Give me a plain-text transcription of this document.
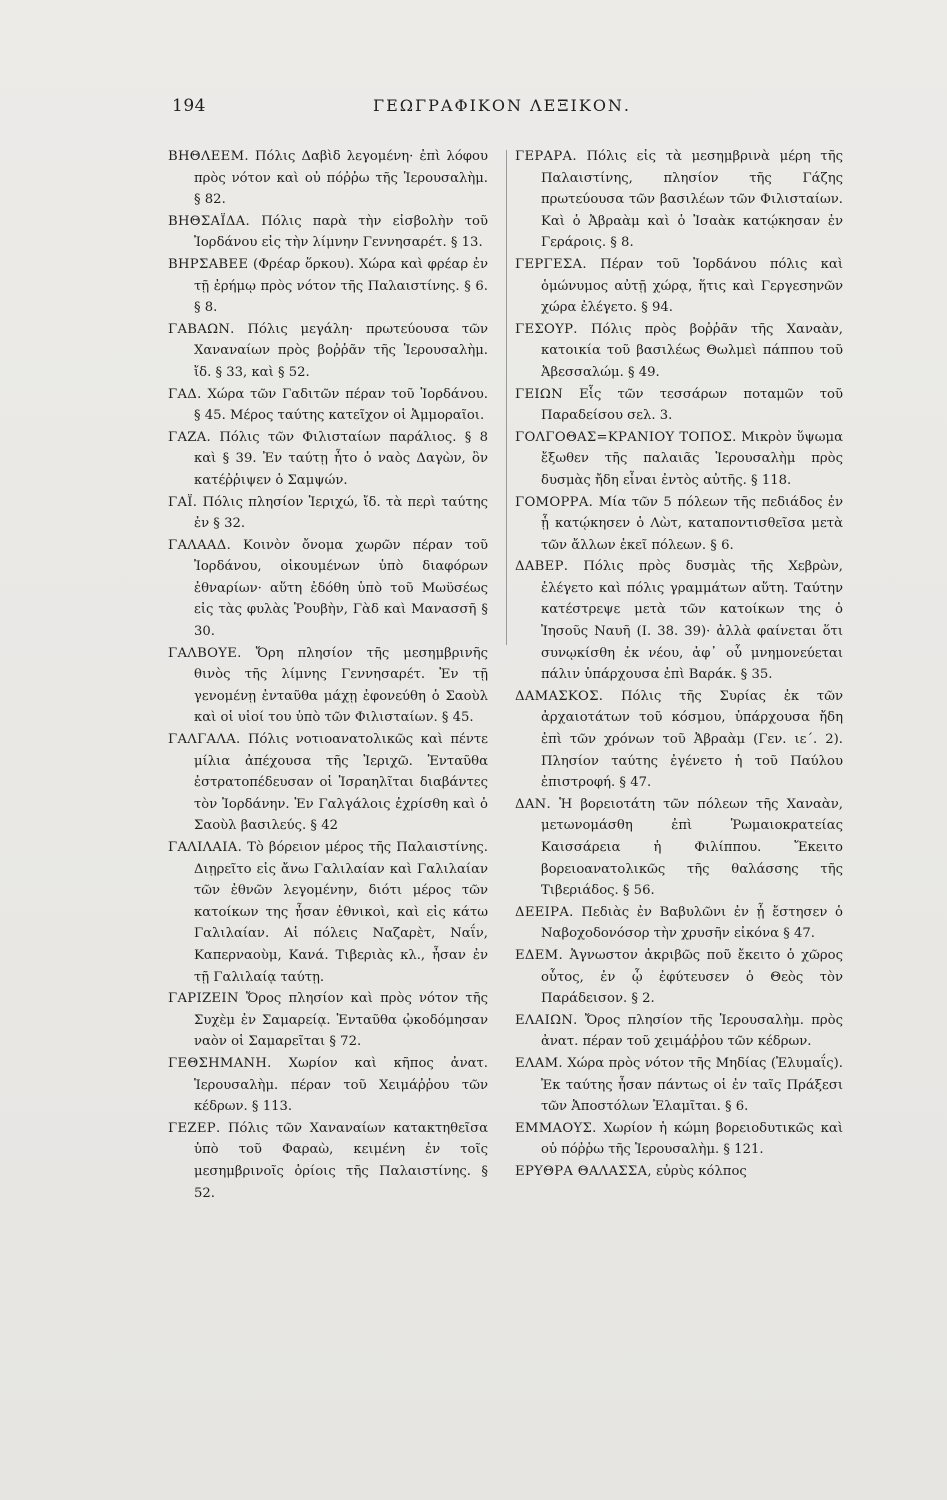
194	ΓΕΩΓΡΑΦΙΚΟΝ ΛΕΞΙΚΟΝ.

ΒΗΘΛΕΕΜ. Πόλις Δαβὶδ λεγομένη· ἐπὶ λόφου πρὸς νότον καὶ οὐ πόῤῥω τῆς Ἱερουσαλὴμ. § 82.

ΒΗΘΣΑΪΔΑ. Πόλις παρὰ τὴν εἰσβολὴν τοῦ Ἰορδάνου εἰς τὴν λίμνην Γεννησαρέτ. § 13.

ΒΗΡΣΑΒΕΕ (Φρέαρ ὅρκου). Χώρα καὶ φρέαρ ἐν τῇ ἐρήμῳ πρὸς νότον τῆς Παλαιστίνης. § 6. § 8.

ΓΑΒΑΩΝ. Πόλις μεγάλη· πρωτεύουσα τῶν Χαναναίων πρὸς βοῤῥᾶν τῆς Ἱερουσαλὴμ. ἴδ. § 33, καὶ § 52.

ΓΑΔ. Χώρα τῶν Γαδιτῶν πέραν τοῦ Ἰορδάνου. § 45. Μέρος ταύτης κατεῖχον οἱ Ἀμμοραῖοι.

ΓΑΖΑ. Πόλις τῶν Φιλισταίων παράλιος. § 8 καὶ § 39. Ἐν ταύτῃ ἦτο ὁ ναὸς Δαγὼν, ὃν κατέῤῥιψεν ὁ Σαμψών.

ΓΑΪ. Πόλις πλησίον Ἱεριχώ, ἴδ. τὰ περὶ ταύτης ἐν § 32.

ΓΑΛΑΑΔ. Κοινὸν ὄνομα χωρῶν πέραν τοῦ Ἰορδάνου, οἰκουμένων ὑπὸ διαφόρων ἐθναρίων· αὕτη ἐδόθη ὑπὸ τοῦ Μωϋσέως εἰς τὰς φυλὰς Ῥουβὴν, Γὰδ καὶ Μανασσῆ § 30.

ΓΑΛΒΟΥΕ. Ὄρη πλησίον τῆς μεσημβρινῆς θινὸς τῆς λίμνης Γεννησαρέτ. Ἐν τῇ γενομένῃ ἐνταῦθα μάχῃ ἐφονεύθη ὁ Σαοὺλ καὶ οἱ υἱοί του ὑπὸ τῶν Φιλισταίων. § 45.

ΓΑΛΓΑΛΑ. Πόλις νοτιοανατολικῶς καὶ πέντε μίλια ἀπέχουσα τῆς Ἱεριχῶ. Ἐνταῦθα ἐστρατοπέδευσαν οἱ Ἰσραηλῖται διαβάντες τὸν Ἰορδάνην. Ἐν Γαλγάλοις ἐχρίσθη καὶ ὁ Σαοὺλ βασιλεύς. § 42

ΓΑΛΙΛΑΙΑ. Τὸ βόρειον μέρος τῆς Παλαιστίνης. Διῃρεῖτο εἰς ἄνω Γαλιλαίαν καὶ Γαλιλαίαν τῶν ἐθνῶν λεγομένην, διότι μέρος τῶν κατοίκων της ἦσαν ἐθνικοὶ, καὶ εἰς κάτω Γαλιλαίαν. Αἱ πόλεις Ναζαρὲτ, Ναΐν, Καπερναοὺμ, Κανά. Τιβεριὰς κλ., ἦσαν ἐν τῇ Γαλιλαίᾳ ταύτῃ.

ΓΑΡΙΖΕΙΝ Ὄρος πλησίον καὶ πρὸς νότον τῆς Συχὲμ ἐν Σαμαρείᾳ. Ἐνταῦθα ᾠκοδόμησαν ναὸν οἱ Σαμαρεῖται § 72.

ΓΕΘΣΗΜΑΝΗ. Χωρίον καὶ κῆπος ἀνατ. Ἱερουσαλὴμ. πέραν τοῦ Χειμάῤῥου τῶν κέδρων. § 113.

ΓΕΖΕΡ. Πόλις τῶν Χαναναίων κατακτηθεῖσα ὑπὸ τοῦ Φαραὼ, κειμένη ἐν τοῖς μεσημβρινοῖς ὁρίοις τῆς Παλαιστίνης. § 52.

ΓΕΡΑΡΑ. Πόλις εἰς τὰ μεσημβρινὰ μέρη τῆς Παλαιστίνης, πλησίον τῆς Γάζης πρωτεύουσα τῶν βασιλέων τῶν Φιλισταίων. Καὶ ὁ Ἀβραὰμ καὶ ὁ Ἰσαὰκ κατῴκησαν ἐν Γεράροις. § 8.

ΓΕΡΓΕΣΑ. Πέραν τοῦ Ἰορδάνου πόλις καὶ ὁμώνυμος αὐτῇ χώρᾳ, ἥτις καὶ Γεργεσηνῶν χώρα ἐλέγετο. § 94.

ΓΕΣΟΥΡ. Πόλις πρὸς βοῤῥᾶν τῆς Χαναὰν, κατοικία τοῦ βασιλέως Θωλμεὶ πάππου τοῦ Ἀβεσσαλώμ. § 49.

ΓΕΙΩΝ Εἷς τῶν τεσσάρων ποταμῶν τοῦ Παραδείσου σελ. 3.

ΓΟΛΓΟΘΑΣ=ΚΡΑΝΙΟΥ ΤΟΠΟΣ. Μικρὸν ὕψωμα ἔξωθεν τῆς παλαιᾶς Ἱερουσαλὴμ πρὸς δυσμὰς ἤδη εἶναι ἐντὸς αὐτῆς. § 118.

ΓΟΜΟΡΡΑ. Μία τῶν 5 πόλεων τῆς πεδιάδος ἐν ᾗ κατῴκησεν ὁ Λὼτ, καταποντισθεῖσα μετὰ τῶν ἄλλων ἐκεῖ πόλεων. § 6.

ΔΑΒΕΡ. Πόλις πρὸς δυσμὰς τῆς Χεβρὼν, ἐλέγετο καὶ πόλις γραμμάτων αὕτη. Ταύτην κατέστρεψε μετὰ τῶν κατοίκων της ὁ Ἰησοῦς Ναυῆ (I. 38. 39)· ἀλλὰ φαίνεται ὅτι συνῳκίσθη ἐκ νέου, ἀφ᾽ οὗ μνημονεύεται πάλιν ὑπάρχουσα ἐπὶ Βαράκ. § 35.

ΔΑΜΑΣΚΟΣ. Πόλις τῆς Συρίας ἐκ τῶν ἀρχαιοτάτων τοῦ κόσμου, ὑπάρχουσα ἤδη ἐπὶ τῶν χρόνων τοῦ Ἀβραὰμ (Γεν. ιε΄. 2). Πλησίον ταύτης ἐγένετο ἡ τοῦ Παύλου ἐπιστροφή. § 47.

ΔΑΝ. Ἡ βορειοτάτη τῶν πόλεων τῆς Χαναὰν, μετωνομάσθη ἐπὶ Ῥωμαιοκρατείας Καισσάρεια ἡ Φιλίππου. Ἔκειτο βορειοανατολικῶς τῆς θαλάσσης τῆς Τιβεριάδος. § 56.

ΔΕΕΙΡΑ. Πεδιὰς ἐν Βαβυλῶνι ἐν ᾗ ἔστησεν ὁ Ναβοχοδονόσορ τὴν χρυσῆν εἰκόνα § 47.

ΕΔΕΜ. Ἀγνωστον ἀκριβῶς ποῦ ἔκειτο ὁ χῶρος οὗτος, ἐν ᾧ ἐφύτευσεν ὁ Θεὸς τὸν Παράδεισον. § 2.

ΕΛΑΙΩΝ. Ὄρος πλησίον τῆς Ἱερουσαλὴμ. πρὸς ἀνατ. πέραν τοῦ χειμάῤῥου τῶν κέδρων.

ΕΛΑΜ. Χώρα πρὸς νότον τῆς Μηδίας (Ἐλυμαΐς). Ἐκ ταύτης ἦσαν πάντως οἱ ἐν ταῖς Πράξεσι τῶν Ἀποστόλων Ἐλαμῖται. § 6.

ΕΜΜΑΟΥΣ. Χωρίον ἡ κώμη βορειοδυτικῶς καὶ οὐ πόῤῥω τῆς Ἱερουσαλὴμ. § 121.

ΕΡΥΘΡΑ ΘΑΛΑΣΣΑ, εὐρὺς κόλπος
